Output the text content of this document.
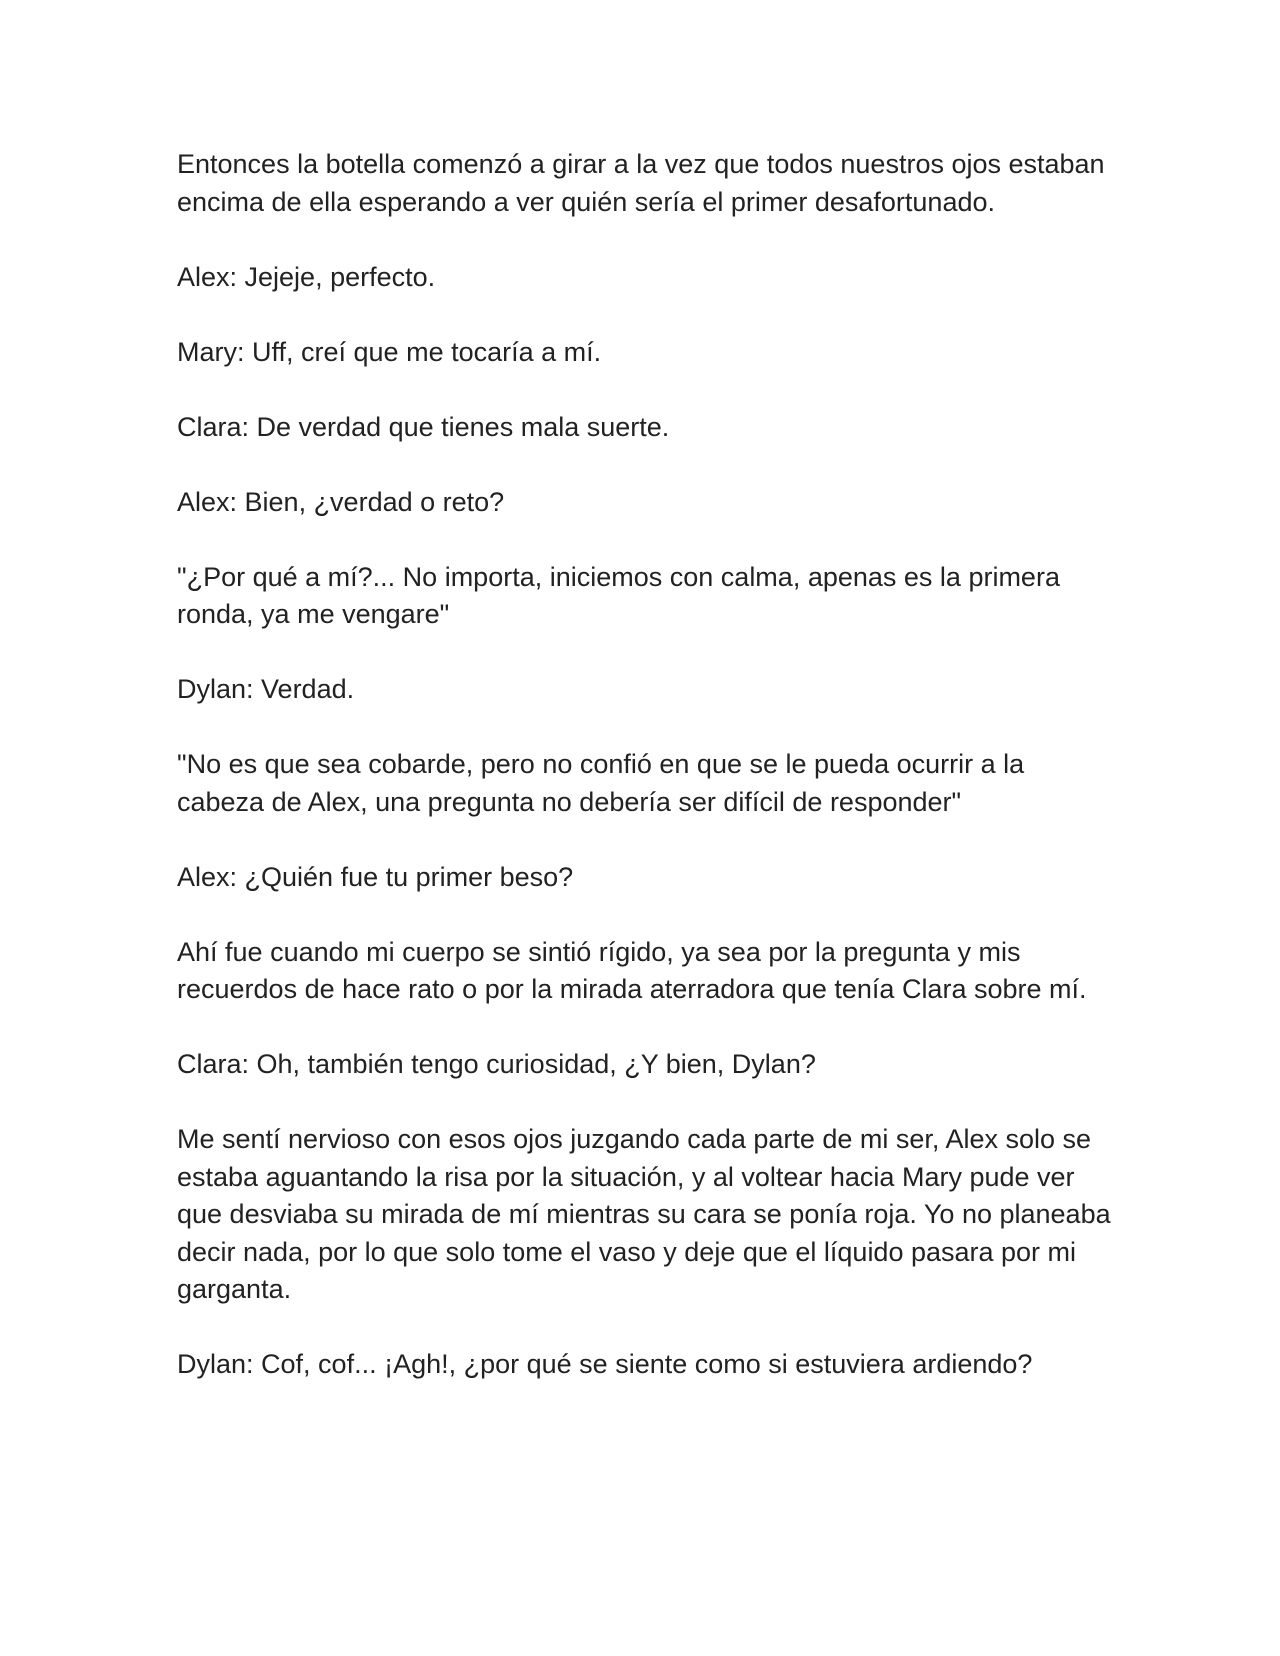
Entonces la botella comenzó a girar a la vez que todos nuestros ojos estaban encima de ella esperando a ver quién sería el primer desafortunado.

Alex: Jejeje, perfecto.

Mary: Uff, creí que me tocaría a mí.

Clara: De verdad que tienes mala suerte.

Alex: Bien, ¿verdad o reto?

"¿Por qué a mí?... No importa, iniciemos con calma, apenas es la primera ronda, ya me vengare"

Dylan: Verdad.

"No es que sea cobarde, pero no confió en que se le pueda ocurrir a la cabeza de Alex, una pregunta no debería ser difícil de responder"

Alex: ¿Quién fue tu primer beso?

Ahí fue cuando mi cuerpo se sintió rígido, ya sea por la pregunta y mis recuerdos de hace rato o por la mirada aterradora que tenía Clara sobre mí.

Clara: Oh, también tengo curiosidad, ¿Y bien, Dylan?

Me sentí nervioso con esos ojos juzgando cada parte de mi ser, Alex solo se estaba aguantando la risa por la situación, y al voltear hacia Mary pude ver que desviaba su mirada de mí mientras su cara se ponía roja. Yo no planeaba decir nada, por lo que solo tome el vaso y deje que el líquido pasara por mi garganta.

Dylan: Cof, cof... ¡Agh!, ¿por qué se siente como si estuviera ardiendo?
